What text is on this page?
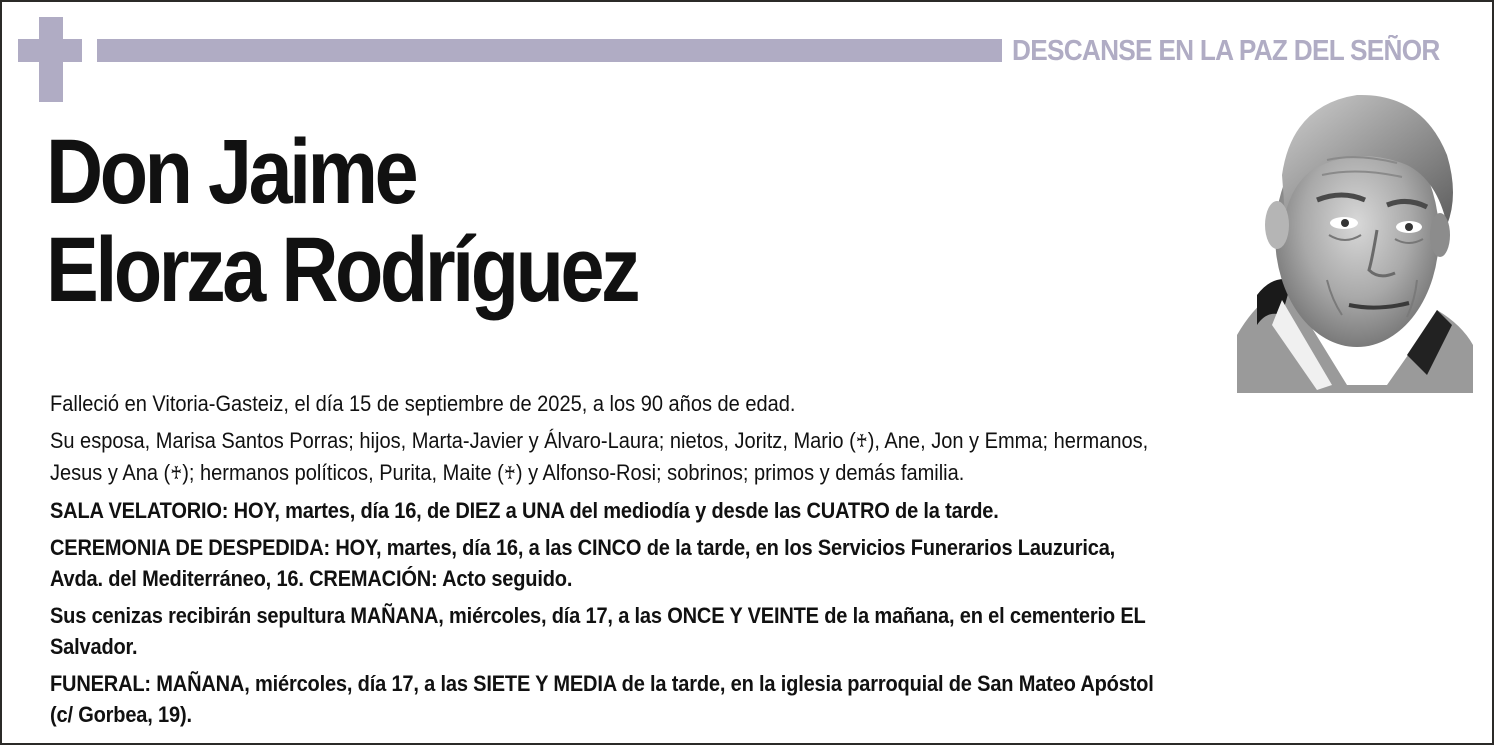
DESCANSE EN LA PAZ DEL SEÑOR
Don Jaime
Elorza Rodríguez

Falleció en Vitoria-Gasteiz, el día 15 de septiembre de 2025, a los 90 años de edad.

Su esposa, Marisa Santos Porras; hijos, Marta-Javier y Álvaro-Laura; nietos, Joritz, Mario (♰), Ane, Jon y Emma; hermanos,
Jesus y Ana (♰); hermanos políticos, Purita, Maite (♰) y Alfonso-Rosi; sobrinos; primos y demás familia.

SALA VELATORIO: HOY, martes, día 16, de DIEZ a UNA del mediodía y desde las CUATRO de la tarde.

CEREMONIA DE DESPEDIDA: HOY, martes, día 16, a las CINCO de la tarde, en los Servicios Funerarios Lauzurica,
Avda. del Mediterráneo, 16. CREMACIÓN: Acto seguido.

Sus cenizas recibirán sepultura MAÑANA, miércoles, día 17, a las ONCE Y VEINTE de la mañana, en el cementerio EL
Salvador.

FUNERAL: MAÑANA, miércoles, día 17, a las SIETE Y MEDIA de la tarde, en la iglesia parroquial de San Mateo Apóstol
(c/ Gorbea, 19).
